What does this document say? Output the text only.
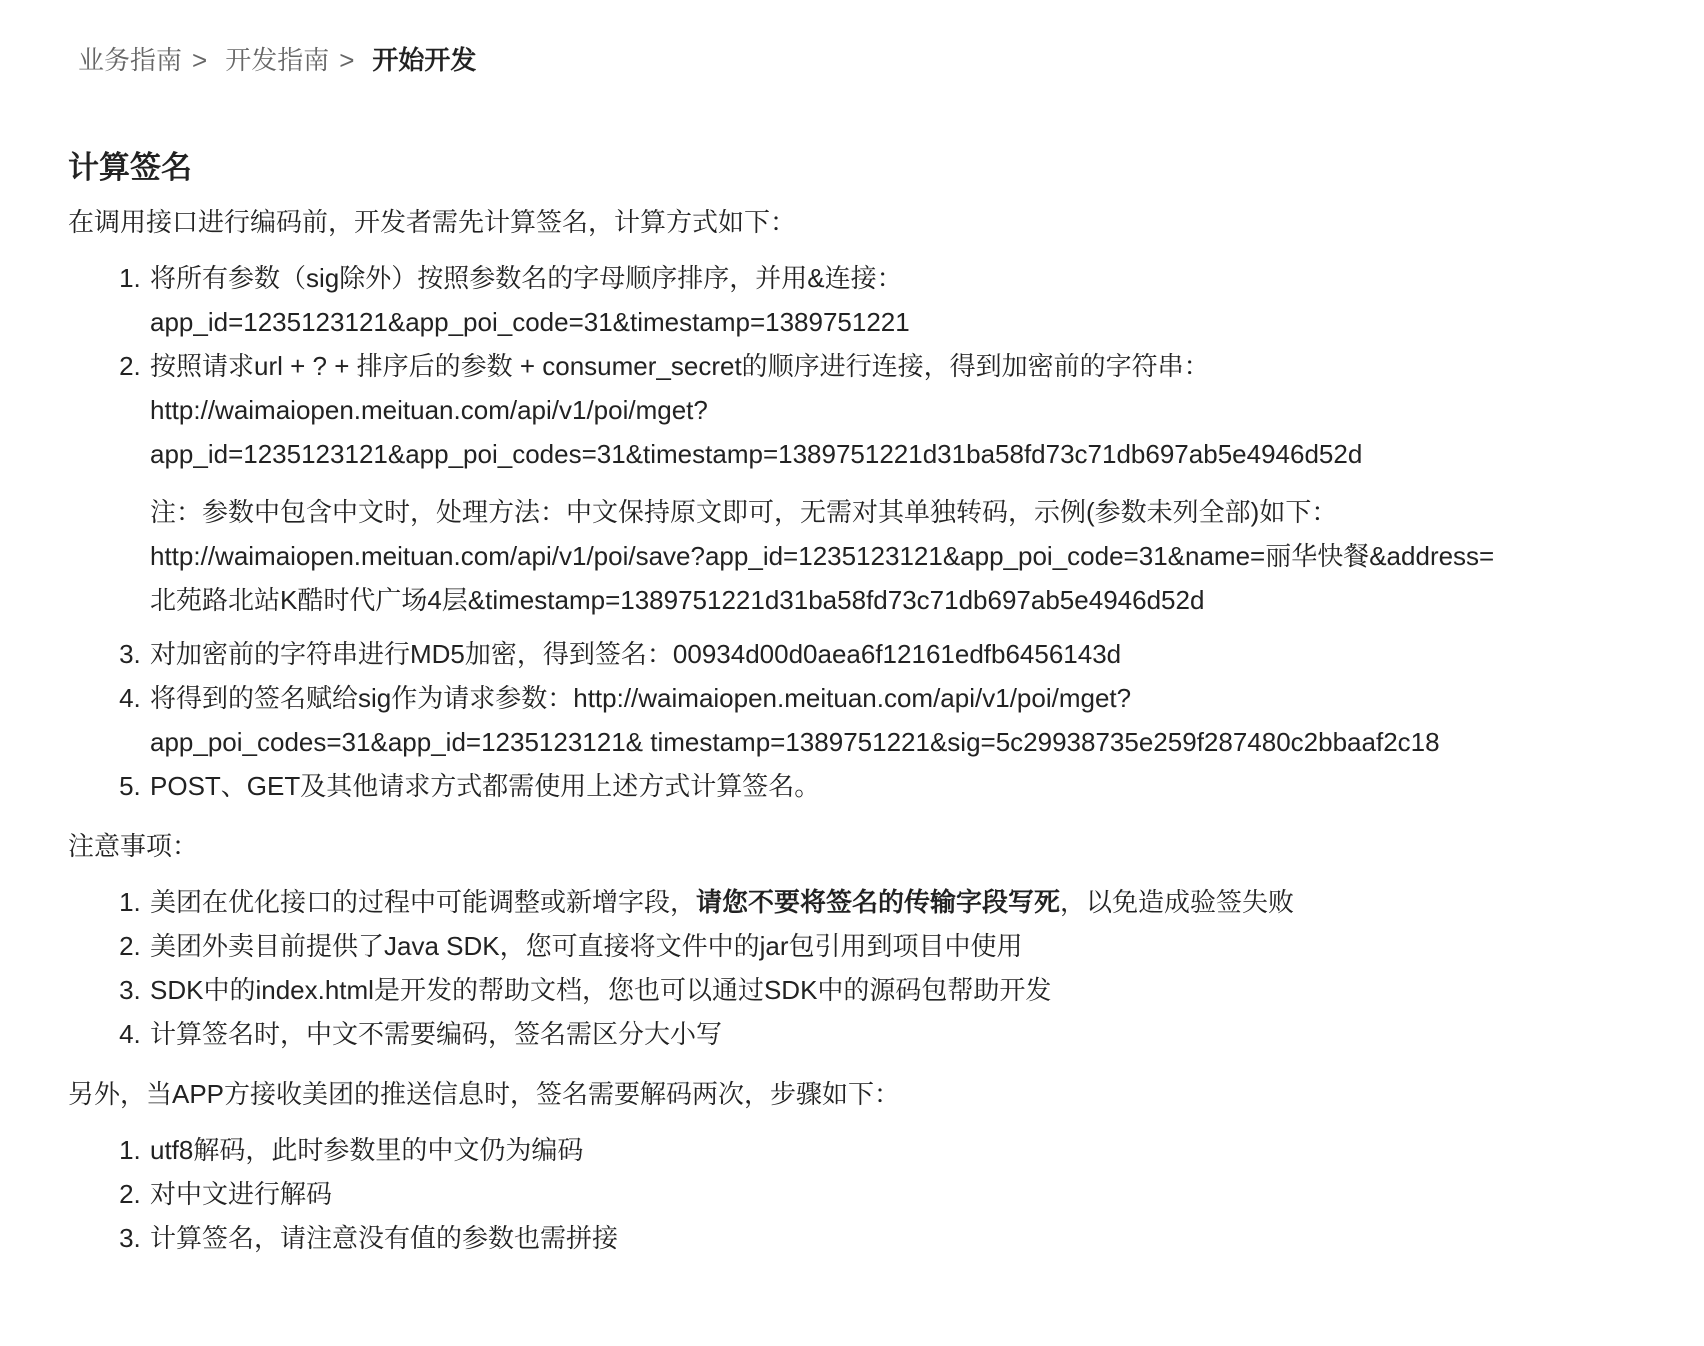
业务指南 > 开发指南 > 开始开发
计算签名

在调用接口进行编码前，开发者需先计算签名，计算方式如下：

1. 将所有参数（sig除外）按照参数名的字母顺序排序，并用&连接：
app_id=1235123121&app_poi_code=31&timestamp=1389751221
2. 按照请求url + ? + 排序后的参数 + consumer_secret的顺序进行连接，得到加密前的字符串：
http://waimaiopen.meituan.com/api/v1/poi/mget?
app_id=1235123121&app_poi_codes=31&timestamp=1389751221d31ba58fd73c71db697ab5e4946d52d
注：参数中包含中文时，处理方法：中文保持原文即可，无需对其单独转码，示例(参数未列全部)如下：
http://waimaiopen.meituan.com/api/v1/poi/save?app_id=1235123121&app_poi_code=31&name=丽华快餐&address=
北苑路北站K酷时代广场4层&timestamp=1389751221d31ba58fd73c71db697ab5e4946d52d
3. 对加密前的字符串进行MD5加密，得到签名：00934d00d0aea6f12161edfb6456143d
4. 将得到的签名赋给sig作为请求参数：http://waimaiopen.meituan.com/api/v1/poi/mget?
app_poi_codes=31&app_id=1235123121& timestamp=1389751221&sig=5c29938735e259f287480c2bbaaf2c18
5. POST、GET及其他请求方式都需使用上述方式计算签名。

注意事项：

1. 美团在优化接口的过程中可能调整或新增字段，请您不要将签名的传输字段写死，以免造成验签失败
2. 美团外卖目前提供了Java SDK，您可直接将文件中的jar包引用到项目中使用
3. SDK中的index.html是开发的帮助文档，您也可以通过SDK中的源码包帮助开发
4. 计算签名时，中文不需要编码，签名需区分大小写

另外，当APP方接收美团的推送信息时，签名需要解码两次，步骤如下：

1. utf8解码，此时参数里的中文仍为编码
2. 对中文进行解码
3. 计算签名，请注意没有值的参数也需拼接
